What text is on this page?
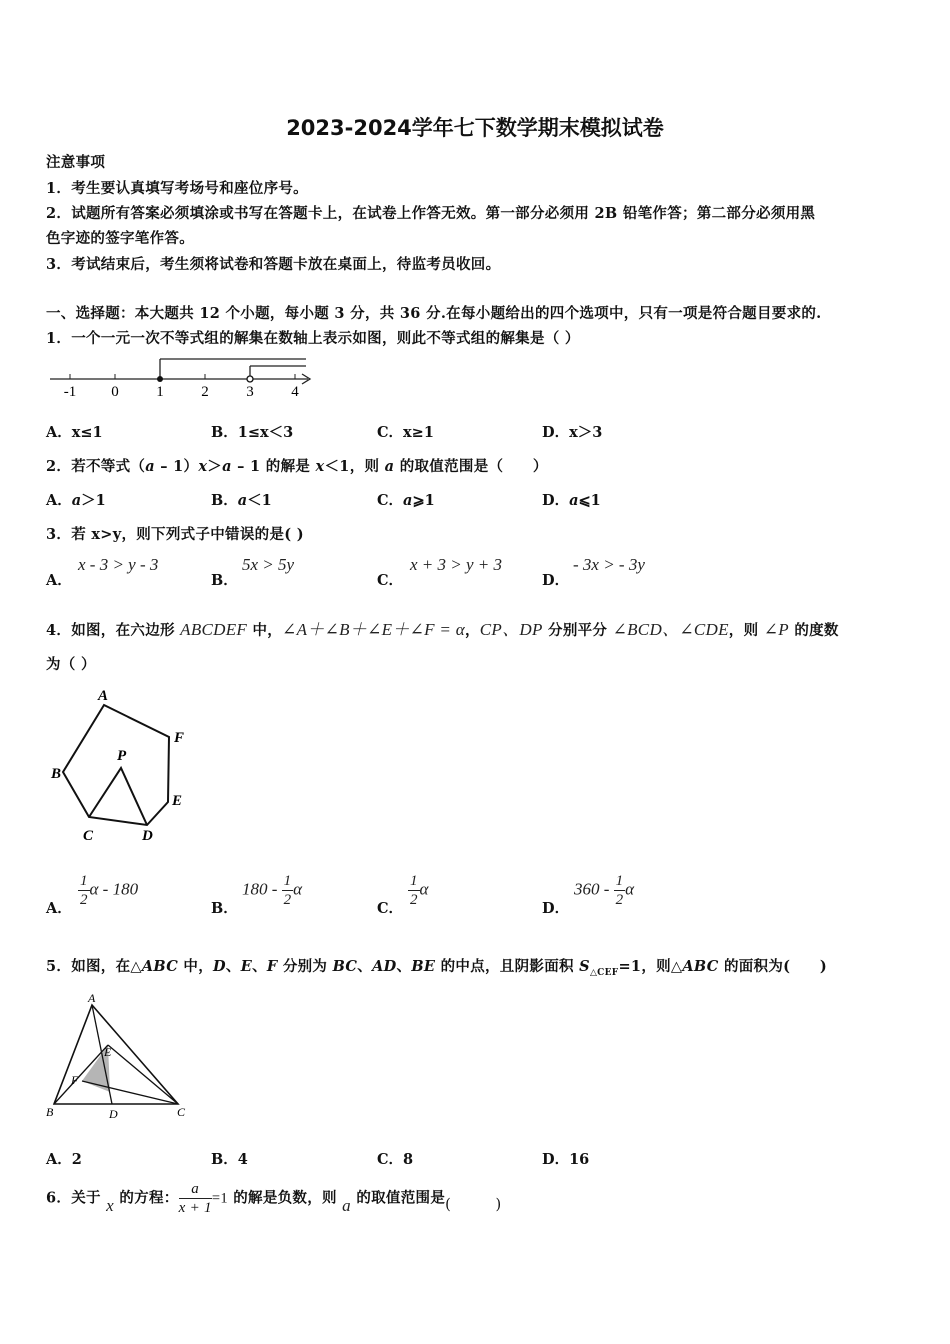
2023-2024学年七下数学期末模拟试卷
注意事项
1．考生要认真填写考场号和座位序号。
2．试题所有答案必须填涂或书写在答题卡上，在试卷上作答无效。第一部分必须用 2B 铅笔作答；第二部分必须用黑
色字迹的签字笔作答。
3．考试结束后，考生须将试卷和答题卡放在桌面上，待监考员收回。
一、选择题：本大题共 12 个小题，每小题 3 分，共 36 分.在每小题给出的四个选项中，只有一项是符合题目要求的.
1．一个一元一次不等式组的解集在数轴上表示如图，则此不等式组的解集是（ ）
-1 0	1	2	3	4
A．x≤1	B．1≤x＜3	C．x≥1	D．x＞3
2．若不等式（a – 1）x＞a – 1 的解是 x＜1，则 a 的取值范围是（　　）
A．a＞1	B．a＜1	C．a⩾1	D．a⩽1
3．若 x>y，则下列式子中错误的是( )
A．
x - 3 > y - 3
B．
5x > 5y
C．
x + 3 > y + 3
D．
- 3x > - 3y
4．如图，在六边形 ABCDEF 中，∠A＋∠B＋∠E＋∠F = α，CP、DP 分别平分 ∠BCD、∠CDE，则 ∠P 的度数
为（ ）
A
B
C	D
E
F
P
A． $\frac{1}{2}$ α - 180
B．
$180 - \frac{1}{2}$ α
C． $\frac{1}{2}$ α
D．
$360 - \frac{1}{2}$ α
5．如图，在△ABC 中，D、E、F 分别为 BC、AD、BE 的中点，且阴影面积 $S_{\triangle CEF}=1$，则△ABC 的面积为(　　)
A
B	C
D
E
F
A．2	B．4	C．8	D．16
6．关于 x 的方程： $\frac{a}{x + 1} =1$ 的解是负数，则 a 的取值范围是(　　　)
